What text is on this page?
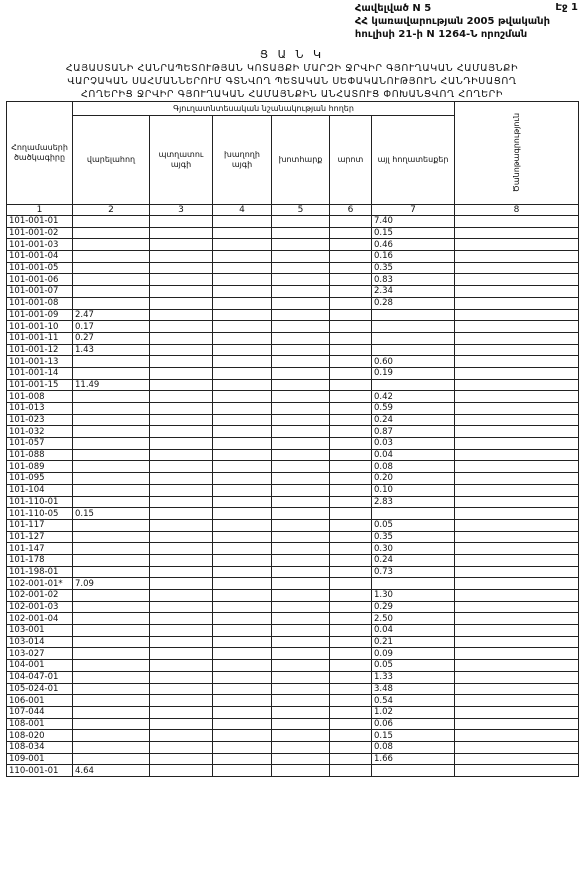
Հավելված N 5
ՀՀ կառավարության 2005 թվականի
հուլիսի 21-ի N 1264-Ն որոշման
Էջ 1
Ց Ա Ն Կ
ՀԱՅԱՍՏԱՆԻ ՀԱՆՐԱՊԵՏՈՒԹՅԱՆ ԿՈՏԱՅՔԻ ՄԱՐԶԻ ՋՐՎԻՐ ԳՅՈՒՂԱԿԱՆ ՀԱՄԱՅՆՔԻ
ՎԱՐՉԱԿԱՆ ՍԱՀՄԱՆՆԵՐՈՒՄ ԳՏՆՎՈՂ ՊԵՏԱԿԱՆ ՍԵՓԱԿԱՆՈՒԹՅՈՒՆ ՀԱՆԴԻՍԱՑՈՂ
ՀՈՂԵՐԻՑ ՋՐՎԻՐ ԳՅՈՒՂԱԿԱՆ ՀԱՄԱՅՆՔԻՆ ԱՆՀԱՏՈՒՑ ՓՈԽԱՆՑՎՈՂ ՀՈՂԵՐԻ
Հողամասերի ծածկագիրը	Գյուղատնտեսական նշանակության հողեր						Ծանոթագրություն
	վարելահող	պտղատու այգի	խաղողի այգի	խոտհարք	արոտ	այլ հողատեսքեր	
1	2	3	4	5	6	7	8
101-001-01						7.40	
101-001-02						0.15	
101-001-03						0.46	
101-001-04						0.16	
101-001-05						0.35	
101-001-06						0.83	
101-001-07						2.34	
101-001-08						0.28	
101-001-09	2.47						
101-001-10	0.17						
101-001-11	0.27						
101-001-12	1.43						
101-001-13						0.60	
101-001-14						0.19	
101-001-15	11.49						
101-008						0.42	
101-013						0.59	
101-023						0.24	
101-032						0.87	
101-057						0.03	
101-088						0.04	
101-089						0.08	
101-095						0.20	
101-104						0.10	
101-110-01						2.83	
101-110-05	0.15						
101-117						0.05	
101-127						0.35	
101-147						0.30	
101-178						0.24	
101-198-01						0.73	
102-001-01*	7.09						
102-001-02						1.30	
102-001-03						0.29	
102-001-04						2.50	
103-001						0.04	
103-014						0.21	
103-027						0.09	
104-001						0.05	
104-047-01						1.33	
105-024-01						3.48	
106-001						0.54	
107-044						1.02	
108-001						0.06	
108-020						0.15	
108-034						0.08	
109-001						1.66	
110-001-01	4.64						
